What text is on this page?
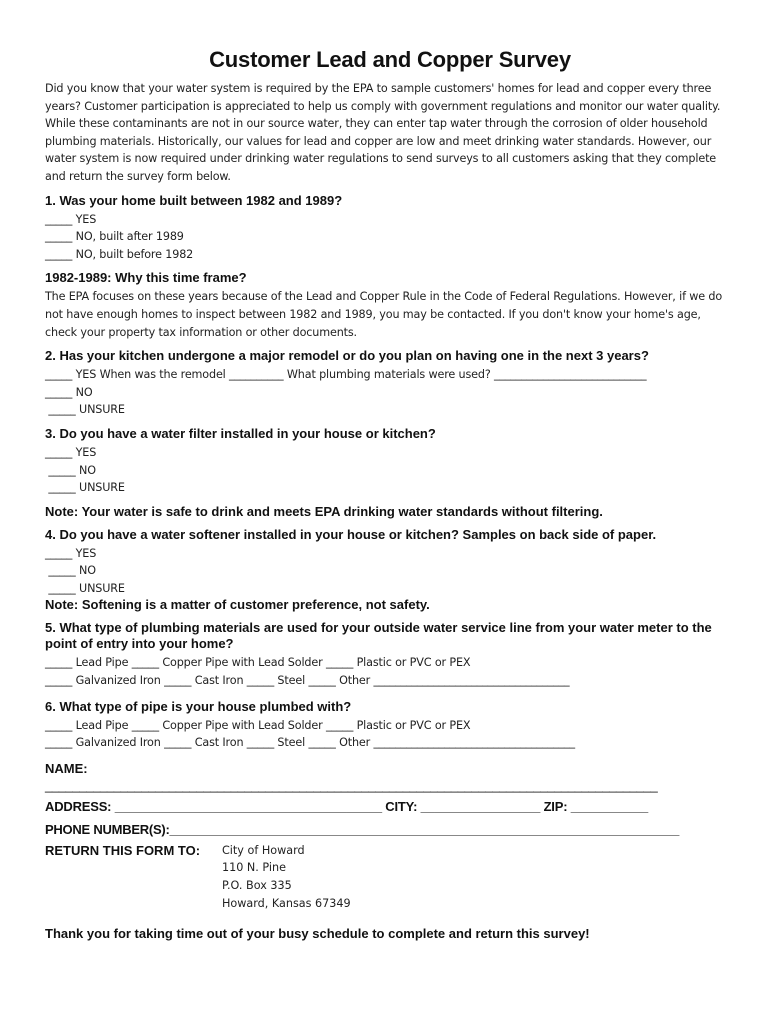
Customer Lead and Copper Survey

Did you know that your water system is required by the EPA to sample customers' homes for lead and copper every three years? Customer participation is appreciated to help us comply with government regulations and monitor our water quality. While these contaminants are not in our source water, they can enter tap water through the corrosion of older household plumbing materials. Historically, our values for lead and copper are low and meet drinking water standards. However, our water system is now required under drinking water regulations to send surveys to all customers asking that they complete and return the survey form below.

1. Was your home built between 1982 and 1989?
_____ YES
_____ NO, built after 1989
_____ NO, built before 1982
1982-1989: Why this time frame?

The EPA focuses on these years because of the Lead and Copper Rule in the Code of Federal Regulations. However, if we do not have enough homes to inspect between 1982 and 1989, you may be contacted. If you don't know your home's age, check your property tax information or other documents.

2. Has your kitchen undergone a major remodel or do you plan on having one in the next 3 years?
_____ YES When was the remodel __________ What plumbing materials were used? ____________________________
_____ NO
_____ UNSURE
3. Do you have a water filter installed in your house or kitchen?
_____ YES
_____ NO
_____ UNSURE
Note: Your water is safe to drink and meets EPA drinking water standards without filtering.
4. Do you have a water softener installed in your house or kitchen? Samples on back side of paper.
_____ YES
_____ NO
_____ UNSURE
Note: Softening is a matter of customer preference, not safety.
5. What type of plumbing materials are used for your outside water service line from your water meter to the point of entry into your home?
_____ Lead Pipe _____ Copper Pipe with Lead Solder _____ Plastic or PVC or PEX
_____ Galvanized Iron _____ Cast Iron _____ Steel _____ Other ____________________________________
6. What type of pipe is your house plumbed with?
_____ Lead Pipe _____ Copper Pipe with Lead Solder _____ Plastic or PVC or PEX
_____ Galvanized Iron _____ Cast Iron _____ Steel _____ Other _____________________________________
NAME:
_________________________________________________________________________________________
ADDRESS: ______________________________________ CITY: _________________ ZIP: ___________
PHONE NUMBER(S):_________________________________________________________________________
RETURN THIS FORM TO:	City of Howard
110 N. Pine
P.O. Box 335
Howard, Kansas 67349
Thank you for taking time out of your busy schedule to complete and return this survey!
